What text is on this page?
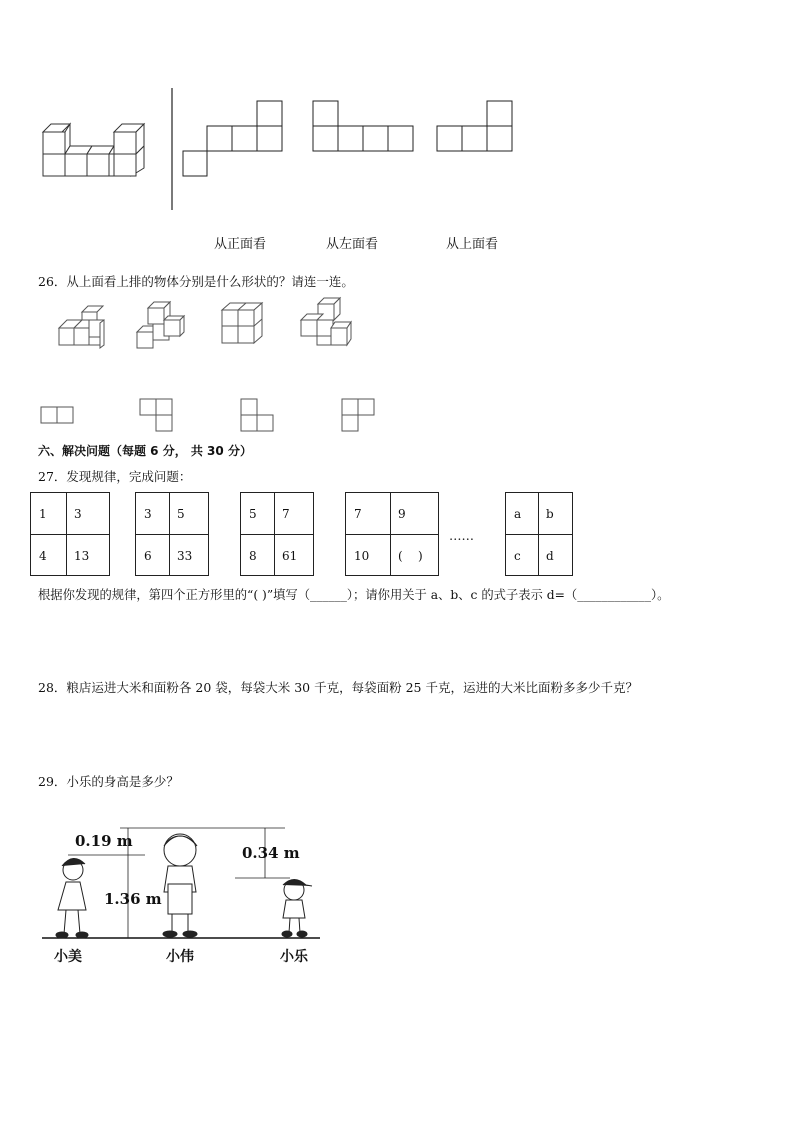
从正面看	从左面看	从上面看
26．从上面看上排的物体分别是什么形状的？请连一连。
六、解决问题（每题 6 分， 共 30 分）
27．发现规律，完成问题：
1 3
4 13
3 5
6 33
5 7
8 61
7	9
10 (    )
a b
c d
……
根据你发现的规律，第四个正方形里的“( )”填写（______）；请你用关于 a、b、c 的式子表示 d=（____________）。
28．粮店运进大米和面粉各 20 袋，每袋大米 30 千克，每袋面粉 25 千克，运进的大米比面粉多多少千克？
29．小乐的身高是多少？
0.19 m
1.36 m
0.34 m
小美	小伟	小乐
